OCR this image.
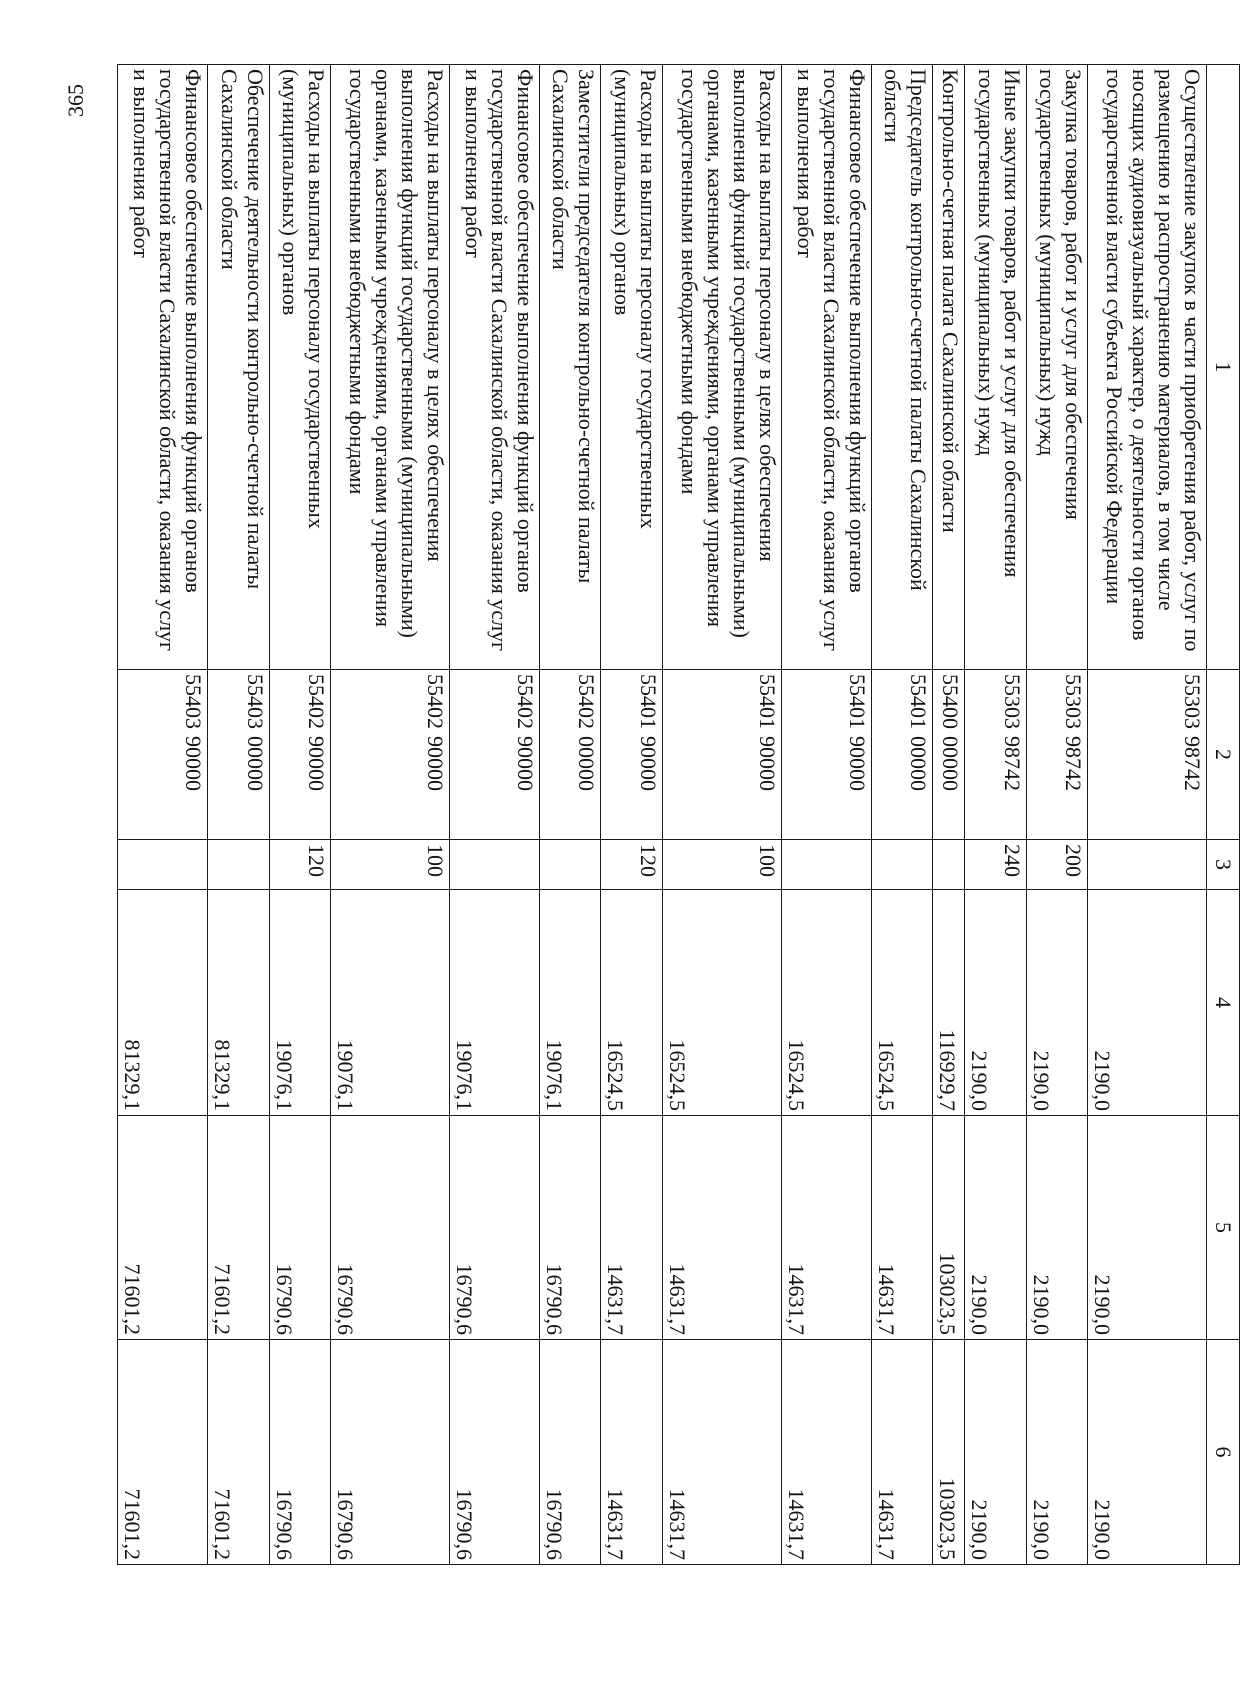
365
1	2	3	4	5	6
Осуществление закупок в части приобретения работ, услуг по размещению и распространению материалов, в том числе носящих аудиовизуальный характер, о деятельности органов государственной власти субъекта Российской Федерации	5530398742		2190,0	2190,0	2190,0
Закупка товаров, работ и услуг для обеспечения государственных (муниципальных) нужд	5530398742	200	2190,0	2190,0	2190,0
Иные закупки товаров, работ и услуг для обеспечения государственных (муниципальных) нужд	5530398742	240	2190,0	2190,0	2190,0
Контрольно-счетная палата Сахалинской области	5540000000		116929,7	103023,5	103023,5
Председатель контрольно-счетной палаты Сахалинской области	5540100000		16524,5	14631,7	14631,7
Финансовое обеспечение выполнения функций органов государственной власти Сахалинской области, оказания услуг и выполнения работ	5540190000		16524,5	14631,7	14631,7
Расходы на выплаты персоналу в целях обеспечения выполнения функций государственными (муниципальными) органами, казенными учреждениями, органами управления государственными внебюджетными фондами	5540190000	100	16524,5	14631,7	14631,7
Расходы на выплаты персоналу государственных (муниципальных) органов	5540190000	120	16524,5	14631,7	14631,7
Заместители председателя контрольно-счетной палаты Сахалинской области	5540200000		19076,1	16790,6	16790,6
Финансовое обеспечение выполнения функций органов государственной власти Сахалинской области, оказания услуг и выполнения работ	5540290000		19076,1	16790,6	16790,6
Расходы на выплаты персоналу в целях обеспечения выполнения функций государственными (муниципальными) органами, казенными учреждениями, органами управления государственными внебюджетными фондами	5540290000	100	19076,1	16790,6	16790,6
Расходы на выплаты персоналу государственных (муниципальных) органов	5540290000	120	19076,1	16790,6	16790,6
Обеспечение деятельности контрольно-счетной палаты Сахалинской области	5540300000		81329,1	71601,2	71601,2
Финансовое обеспечение выполнения функций органов государственной власти Сахалинской области, оказания услуг и выполнения работ	5540390000		81329,1	71601,2	71601,2
